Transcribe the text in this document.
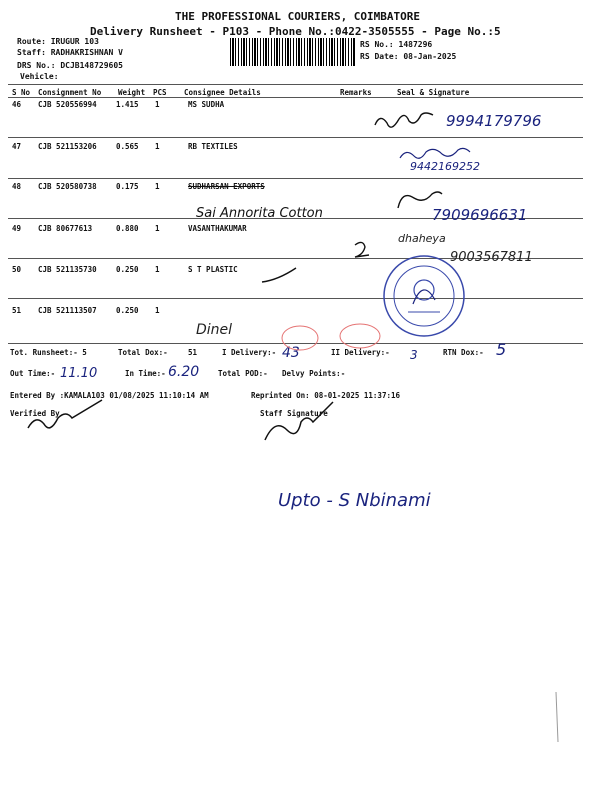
THE PROFESSIONAL COURIERS, COIMBATORE
Delivery Runsheet - P103 - Phone No.:0422-3505555 - Page No.:5
Route: IRUGUR 103
Staff: RADHAKRISHNAN V
DRS No.: DCJB148729605
Vehicle:
RS No.: 1487296
RS Date: 08-Jan-2025
S No Consignment No Weight PCS Consignee Details	Remarks	Seal & Signature
46 CJB 520556994	1.415 1	MS SUDHA
47 CJB 521153206	0.565 1	RB TEXTILES
48 CJB 520580738	0.175 1	SUDHARSAN EXPORTS
49 CJB 80677613	0.880 1	VASANTHAKUMAR
50 CJB 521135730	0.250 1	S T PLASTIC
51 CJB 521113507	0.250 1
Tot. Runsheet:- 5	Total Dox:-	51	I Delivery:-	II Delivery:-	RTN Dox:-
Out Time:-	In Time:-	Total POD:- Delvy Points:-
Entered By :KAMALA103 01/08/2025 11:10:14 AM	Reprinted On: 08-01-2025 11:37:16
Verified By	Staff Signature
9994179796
9442169252
7909696631
Sai Annorita Cotton
dhaheya
9003567811
Dinel
43	3	5
11.10	6.20
Upto - S Nbinami
